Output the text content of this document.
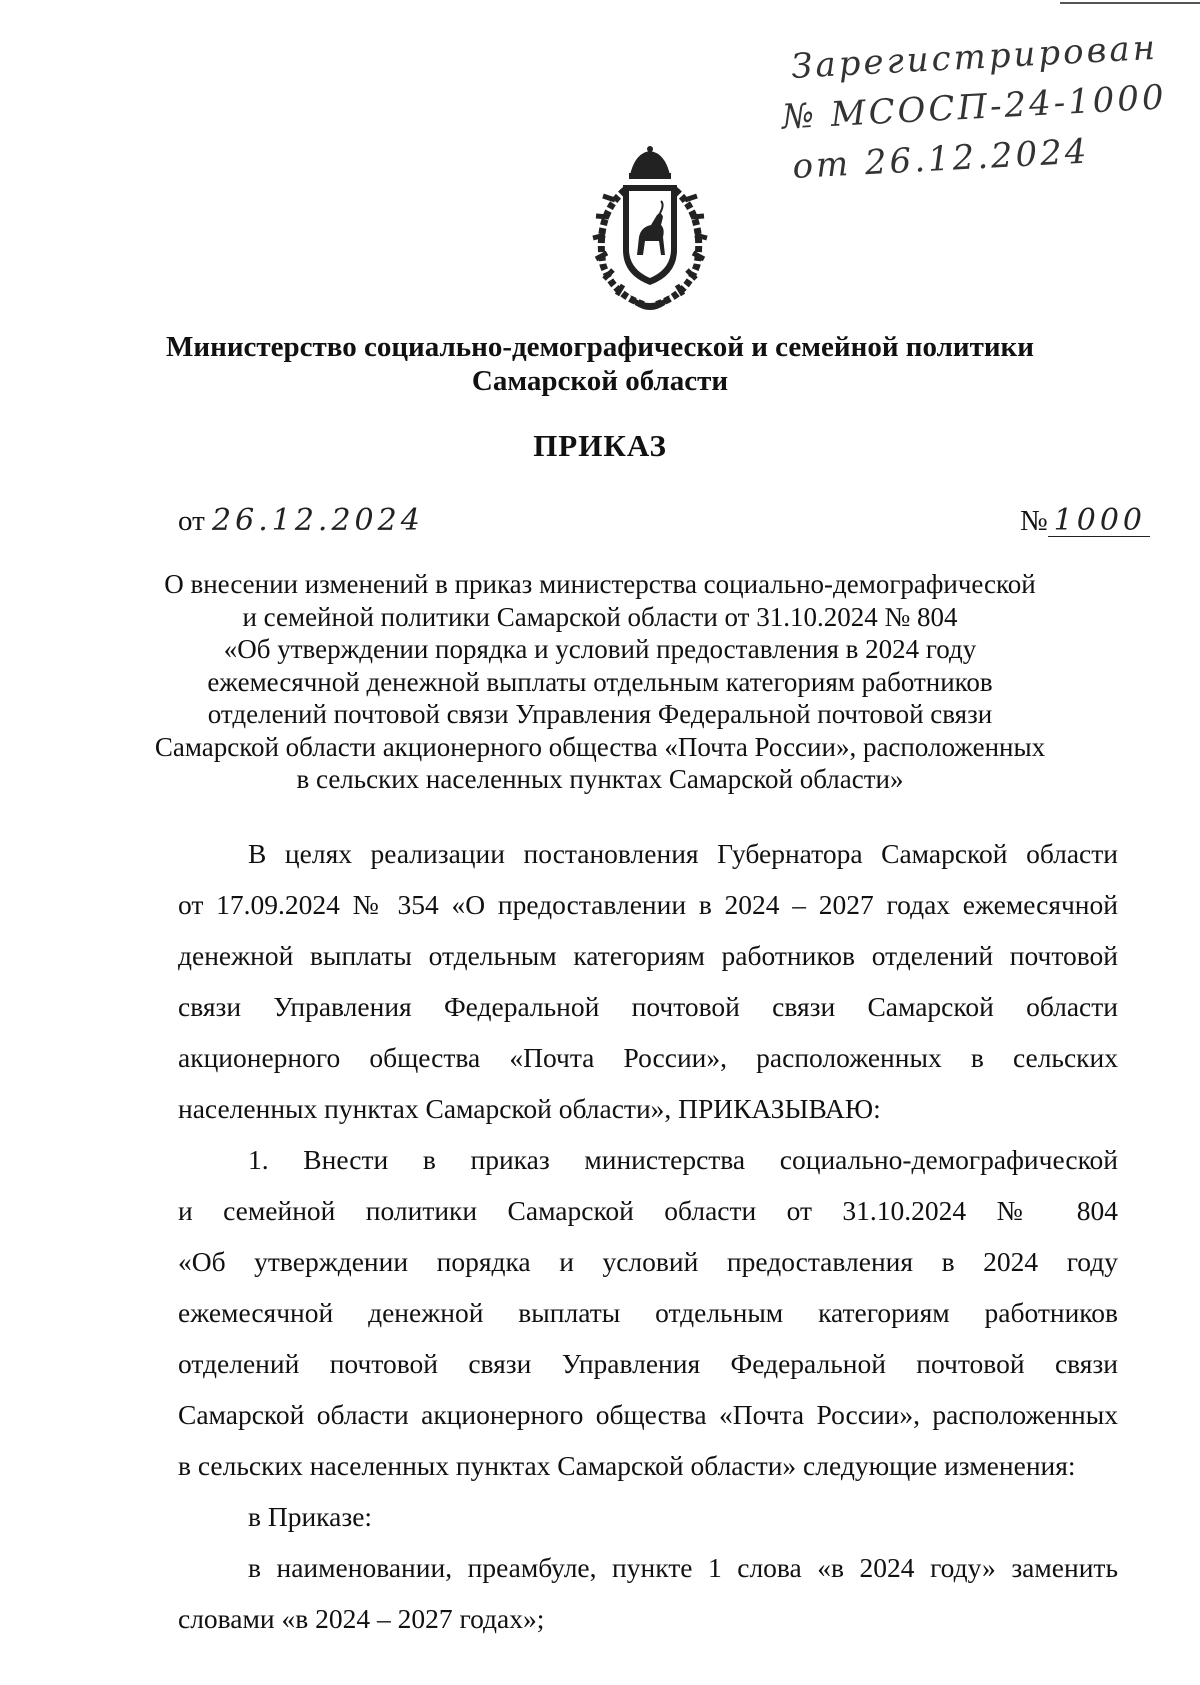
Зарегистрирован
№ МСОСП-24-1000
от 26.12.2024
Министерство социально-демографической и семейной политики
Самарской области
ПРИКАЗ
от 26.12.2024	№ 1000
О внесении изменений в приказ министерства социально-демографической
и семейной политики Самарской области от 31.10.2024 № 804
«Об утверждении порядка и условий предоставления в 2024 году
ежемесячной денежной выплаты отдельным категориям работников
отделений почтовой связи Управления Федеральной почтовой связи
Самарской области акционерного общества «Почта России», расположенных
в сельских населенных пунктах Самарской области»
В целях реализации постановления Губернатора Самарской области
от 17.09.2024 № 354 «О предоставлении в 2024 – 2027 годах ежемесячной
денежной выплаты отдельным категориям работников отделений почтовой
связи Управления Федеральной почтовой связи Самарской области
акционерного общества «Почта России», расположенных в сельских
населенных пунктах Самарской области», ПРИКАЗЫВАЮ:
1. Внести в приказ министерства социально-демографической
и семейной политики Самарской области от 31.10.2024 № 804
«Об утверждении порядка и условий предоставления в 2024 году
ежемесячной денежной выплаты отдельным категориям работников
отделений почтовой связи Управления Федеральной почтовой связи
Самарской области акционерного общества «Почта России», расположенных
в сельских населенных пунктах Самарской области» следующие изменения:
в Приказе:
в наименовании, преамбуле, пункте 1 слова «в 2024 году» заменить
словами «в 2024 – 2027 годах»;
